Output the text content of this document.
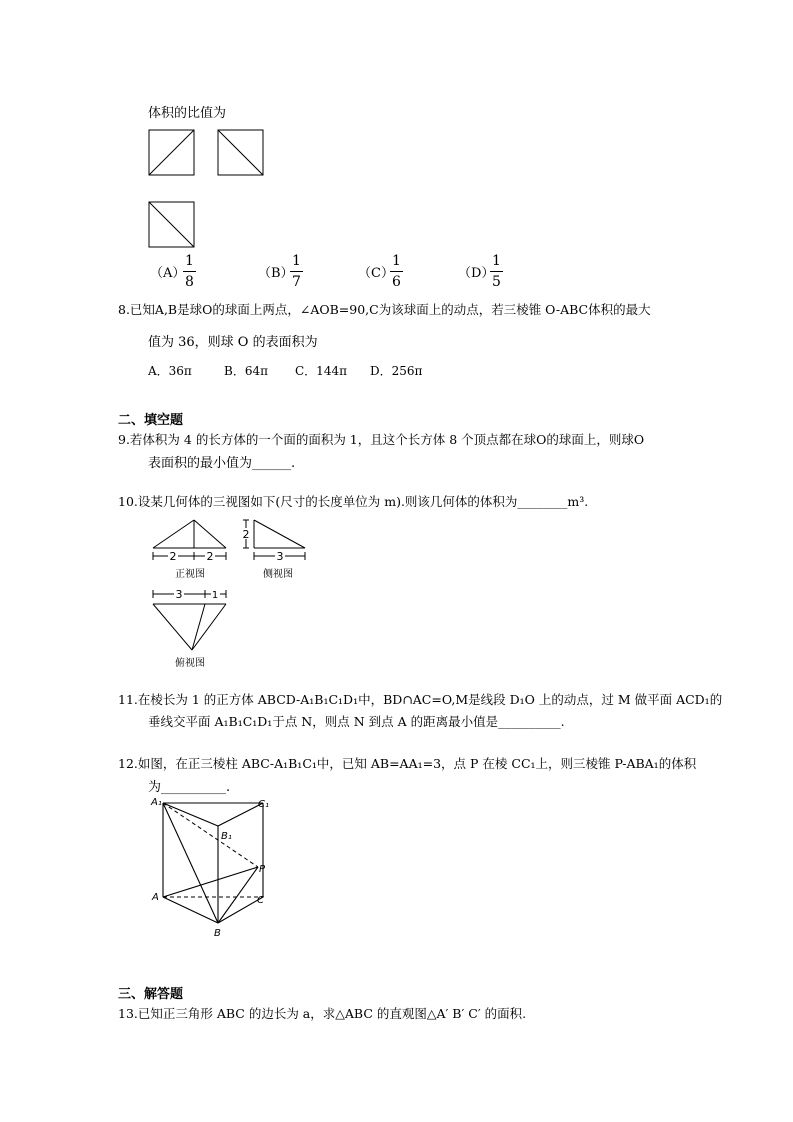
体积的比值为
（A）
1
8
（B）
1
7
（C）
1
6
（D）
1
5
8.已知A,B是球O的球面上两点，∠AOB=90,C为该球面上的动点，若三棱锥 O-ABC体积的最大
值为 36，则球 O 的表面积为
A．36π	B．64π C．144π D．256π
二、填空题
9.若体积为 4 的长方体的一个面的面积为 1，且这个长方体 8 个顶点都在球O的球面上，则球O
表面积的最小值为______.
10.设某几何体的三视图如下(尺寸的长度单位为 m).则该几何体的体积为________m³.
2	2
正视图
2
3
侧视图
3	1
俯视图
11.在棱长为 1 的正方体 ABCD-A₁B₁C₁D₁中，BD∩AC=O,M是线段 D₁O 上的动点，过 M 做平面 ACD₁的
垂线交平面 A₁B₁C₁D₁于点 N，则点 N 到点 A 的距离最小值是__________.
12.如图，在正三棱柱 ABC-A₁B₁C₁中，已知 AB=AA₁=3，点 P 在棱 CC₁上，则三棱锥 P-ABA₁的体积
为__________.
A₁	C₁
B₁
P
A	C
B
三、解答题
13.已知正三角形 ABC 的边长为 a，求△ABC 的直观图△A′ B′ C′ 的面积.
